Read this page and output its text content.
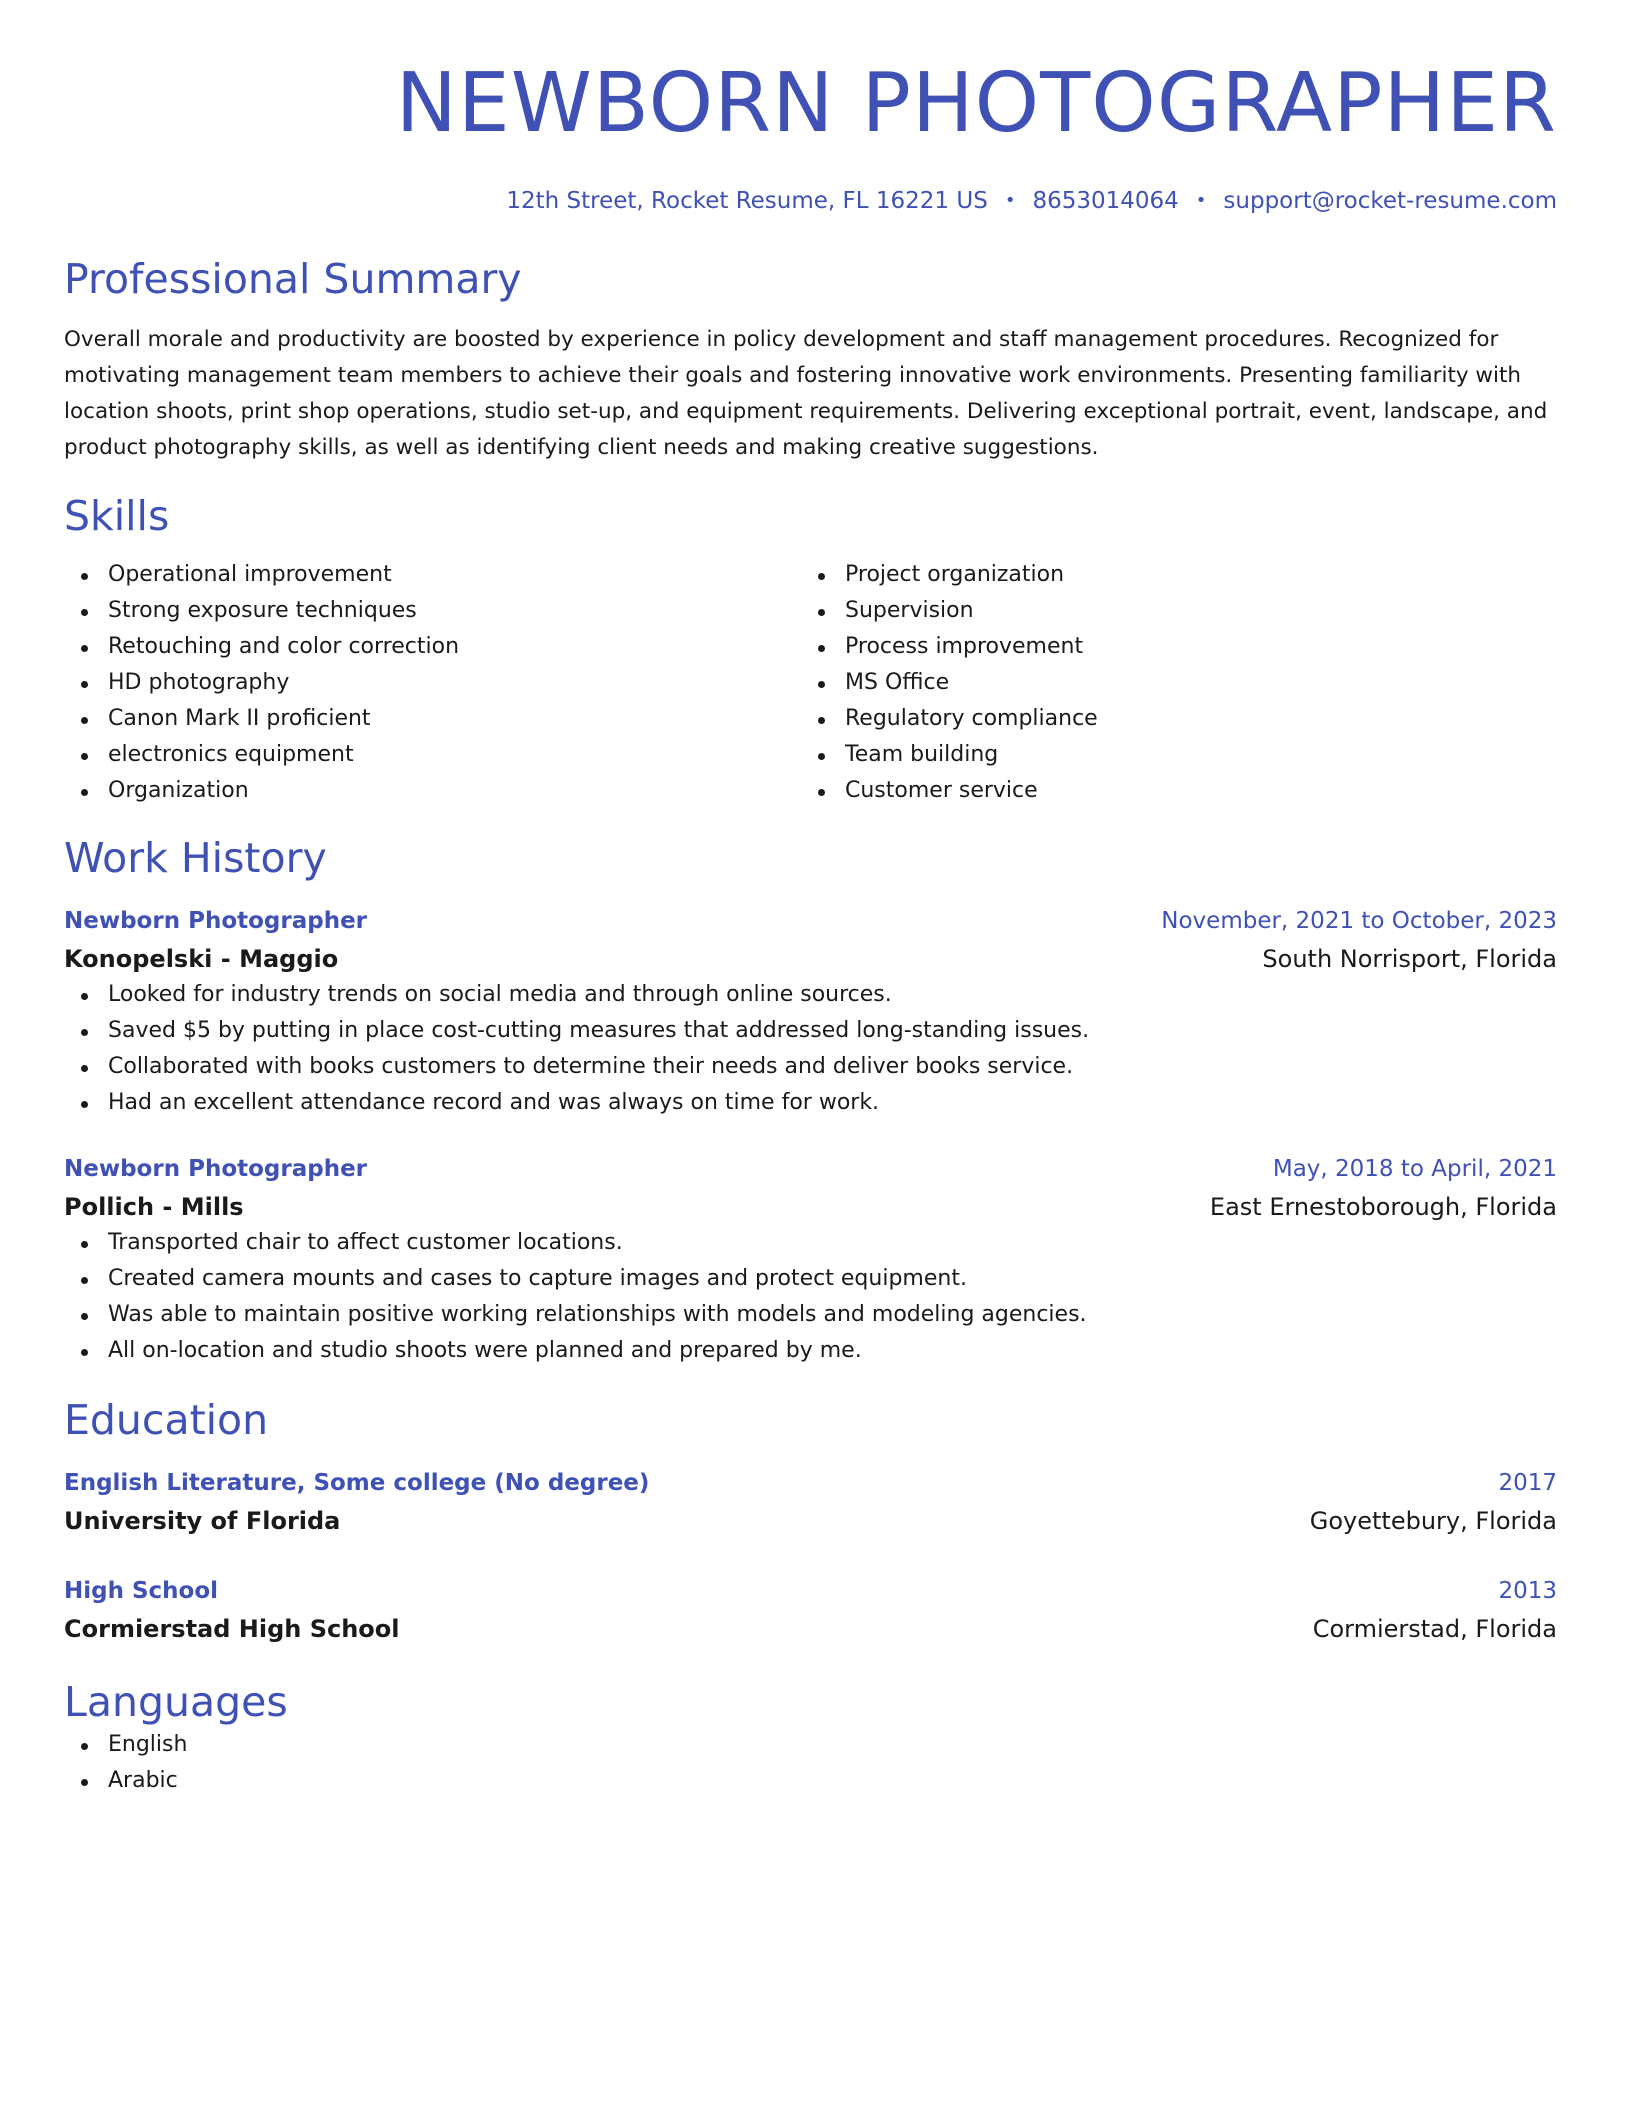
NEWBORN PHOTOGRAPHER
12th Street, Rocket Resume, FL 16221 US • 8653014064 • support@rocket-resume.com
Professional Summary

Overall morale and productivity are boosted by experience in policy development and staff management procedures. Recognized for motivating management team members to achieve their goals and fostering innovative work environments. Presenting familiarity with location shoots, print shop operations, studio set-up, and equipment requirements. Delivering exceptional portrait, event, landscape, and product photography skills, as well as identifying client needs and making creative suggestions.

Skills
Operational improvement
Strong exposure techniques
Retouching and color correction
HD photography
Canon Mark II proficient
electronics equipment
Organization
Project organization
Supervision
Process improvement
MS Office
Regulatory compliance
Team building
Customer service
Work History
Newborn Photographer	November, 2021 to October, 2023
Konopelski - Maggio	South Norrisport, Florida
Looked for industry trends on social media and through online sources.
Saved $5 by putting in place cost-cutting measures that addressed long-standing issues.
Collaborated with books customers to determine their needs and deliver books service.
Had an excellent attendance record and was always on time for work.
Newborn Photographer	May, 2018 to April, 2021
Pollich - Mills	East Ernestoborough, Florida
Transported chair to affect customer locations.
Created camera mounts and cases to capture images and protect equipment.
Was able to maintain positive working relationships with models and modeling agencies.
All on-location and studio shoots were planned and prepared by me.
Education
English Literature, Some college (No degree)	2017
University of Florida	Goyettebury, Florida
High School	2013
Cormierstad High School	Cormierstad, Florida
Languages
English
Arabic
